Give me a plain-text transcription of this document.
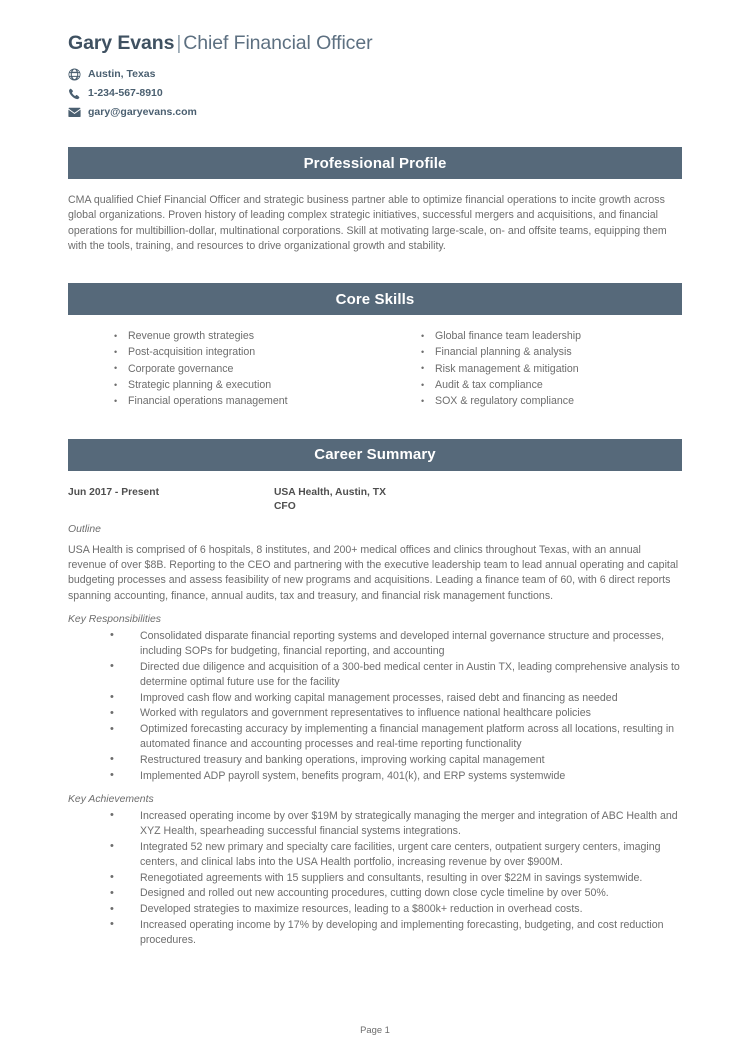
Gary Evans | Chief Financial Officer
Austin, Texas
1-234-567-8910
gary@garyevans.com
Professional Profile

CMA qualified Chief Financial Officer and strategic business partner able to optimize financial operations to incite growth across global organizations. Proven history of leading complex strategic initiatives, successful mergers and acquisitions, and financial operations for multibillion-dollar, multinational corporations. Skill at motivating large-scale, on- and offsite teams, equipping them with the tools, training, and resources to drive organizational growth and stability.

Core Skills
• Revenue growth strategies
• Post-acquisition integration
• Corporate governance
• Strategic planning & execution
• Financial operations management
• Global finance team leadership
• Financial planning & analysis
• Risk management & mitigation
• Audit & tax compliance
• SOX & regulatory compliance
Career Summary
Jun 2017 - Present	USA Health, Austin, TX
CFO
Outline

USA Health is comprised of 6 hospitals, 8 institutes, and 200+ medical offices and clinics throughout Texas, with an annual revenue of over $8B. Reporting to the CEO and partnering with the executive leadership team to lead annual operating and capital budgeting processes and assess feasibility of new programs and acquisitions. Leading a finance team of 60, with 6 direct reports spanning accounting, finance, annual audits, tax and treasury, and financial risk management functions.

Key Responsibilities
• Consolidated disparate financial reporting systems and developed internal governance structure and processes, including SOPs for budgeting, financial reporting, and accounting
• Directed due diligence and acquisition of a 300-bed medical center in Austin TX, leading comprehensive analysis to determine optimal future use for the facility
• Improved cash flow and working capital management processes, raised debt and financing as needed
• Worked with regulators and government representatives to influence national healthcare policies
• Optimized forecasting accuracy by implementing a financial management platform across all locations, resulting in automated finance and accounting processes and real-time reporting functionality
• Restructured treasury and banking operations, improving working capital management
• Implemented ADP payroll system, benefits program, 401(k), and ERP systems systemwide
Key Achievements
• Increased operating income by over $19M by strategically managing the merger and integration of ABC Health and XYZ Health, spearheading successful financial systems integrations.
• Integrated 52 new primary and specialty care facilities, urgent care centers, outpatient surgery centers, imaging centers, and clinical labs into the USA Health portfolio, increasing revenue by over $900M.
• Renegotiated agreements with 15 suppliers and consultants, resulting in over $22M in savings systemwide.
• Designed and rolled out new accounting procedures, cutting down close cycle timeline by over 50%.
• Developed strategies to maximize resources, leading to a $800k+ reduction in overhead costs.
• Increased operating income by 17% by developing and implementing forecasting, budgeting, and cost reduction procedures.
Page 1
